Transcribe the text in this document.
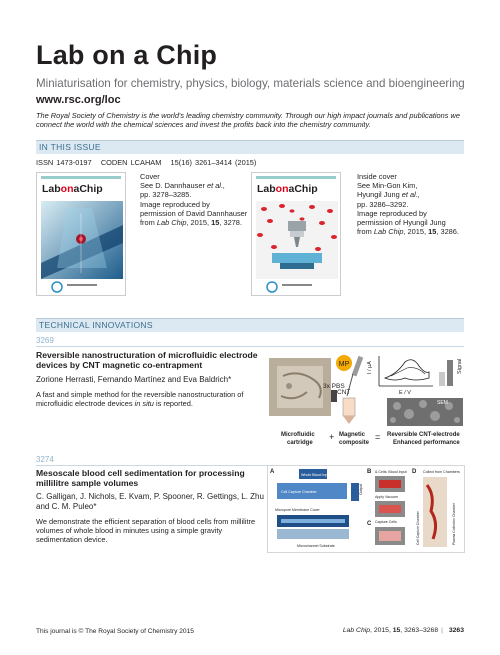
Lab on a Chip
Miniaturisation for chemistry, physics, biology, materials science and bioengineering
www.rsc.org/loc
The Royal Society of Chemistry is the world's leading chemistry community. Through our high impact journals and publications we connect the world with the chemical sciences and invest the profits back into the chemistry community.
IN THIS ISSUE
ISSN 1473-0197 CODEN LCAHAM 15(16) 3261–3414 (2015)
LabonaChip
Cover
See D. Dannhauser et al.,
pp. 3278–3285.
Image reproduced by
permission of David Dannhauser
from Lab Chip, 2015, 15, 3278.
LabonaChip
Inside cover
See Min-Gon Kim,
Hyungil Jung et al.,
pp. 3286–3292.
Image reproduced by
permission of Hyungil Jung
from Lab Chip, 2015, 15, 3286.
TECHNICAL INNOVATIONS
3269
Reversible nanostructuration of microfluidic electrode devices by CNT magnetic co-entrapment
Zorione Herrasti, Fernando Martínez and Eva Baldrich*
A fast and simple method for the reversible nanostructuration of microfluidic electrode devices in situ is reported.
MP
3x PBS
CNT
I / µA
E / V
Signal
SEM
Microfluidic
cartridge
+ Magnetic
composite
= Reversible CNT-electrode
Enhanced performance
3274
Mesoscale blood cell sedimentation for processing millilitre sample volumes
C. Galligan, J. Nichols, E. Kvam, P. Spooner, R. Gettings, L. Zhu and C. M. Puleo*
We demonstrate the efficient separation of blood cells from millilitre volumes of whole blood in minutes using a simple gravity sedimentation device.
A	Whole Blood Input
Cell Capture Chamber
Micropore Membrane Cover
Microchannel Substrate
Output
B & Cells: Blood Input
Apply Vacuum
Capture Cells
C
D Collect from Chambers
Cell Capture Chamber	Plasma Collection Chamber
This journal is © The Royal Society of Chemistry 2015	Lab Chip, 2015, 15, 3263–3268 | 3263
